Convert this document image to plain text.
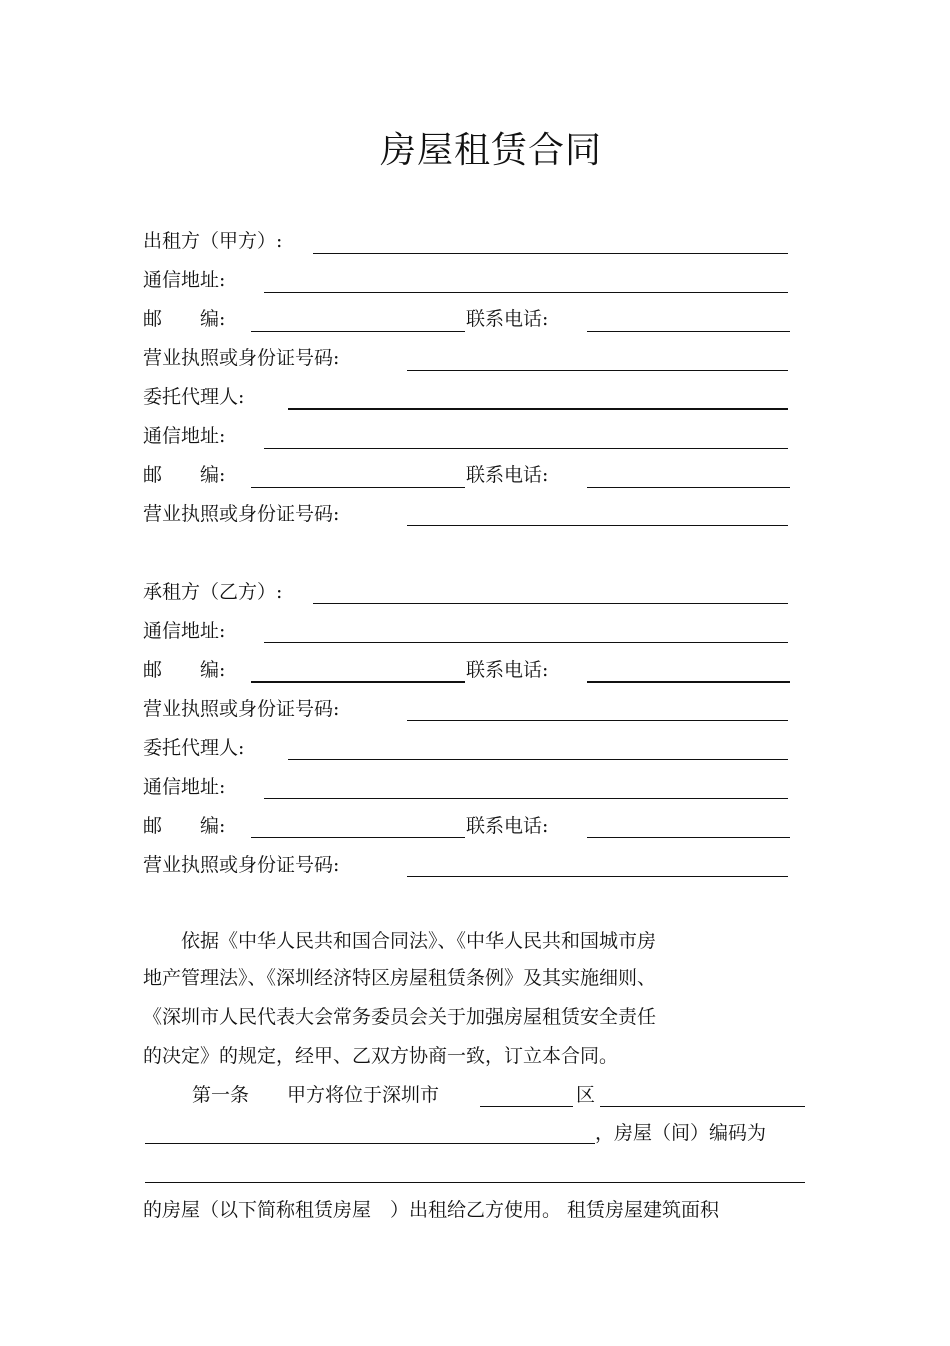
房屋租赁合同
出租方（甲方）:
通信地址:
邮　　编:	联系电话:
营业执照或身份证号码:
委托代理人:
通信地址:
邮　　编:	联系电话:
营业执照或身份证号码:
承租方（乙方）:
通信地址:
邮　　编:	联系电话:
营业执照或身份证号码:
委托代理人:
通信地址:
邮　　编:	联系电话:
营业执照或身份证号码:
依据《中华人民共和国合同法》、《中华人民共和国城市房
地产管理法》、《深圳经济特区房屋租赁条例》及其实施细则、
《深圳市人民代表大会常务委员会关于加强房屋租赁安全责任
的决定》的规定，经甲、乙双方协商一致，订立本合同。
第一条 甲方将位于深圳市	区
，房屋（间）编码为
的房屋（以下简称租赁房屋　）出租给乙方使用。 租赁房屋建筑面积
